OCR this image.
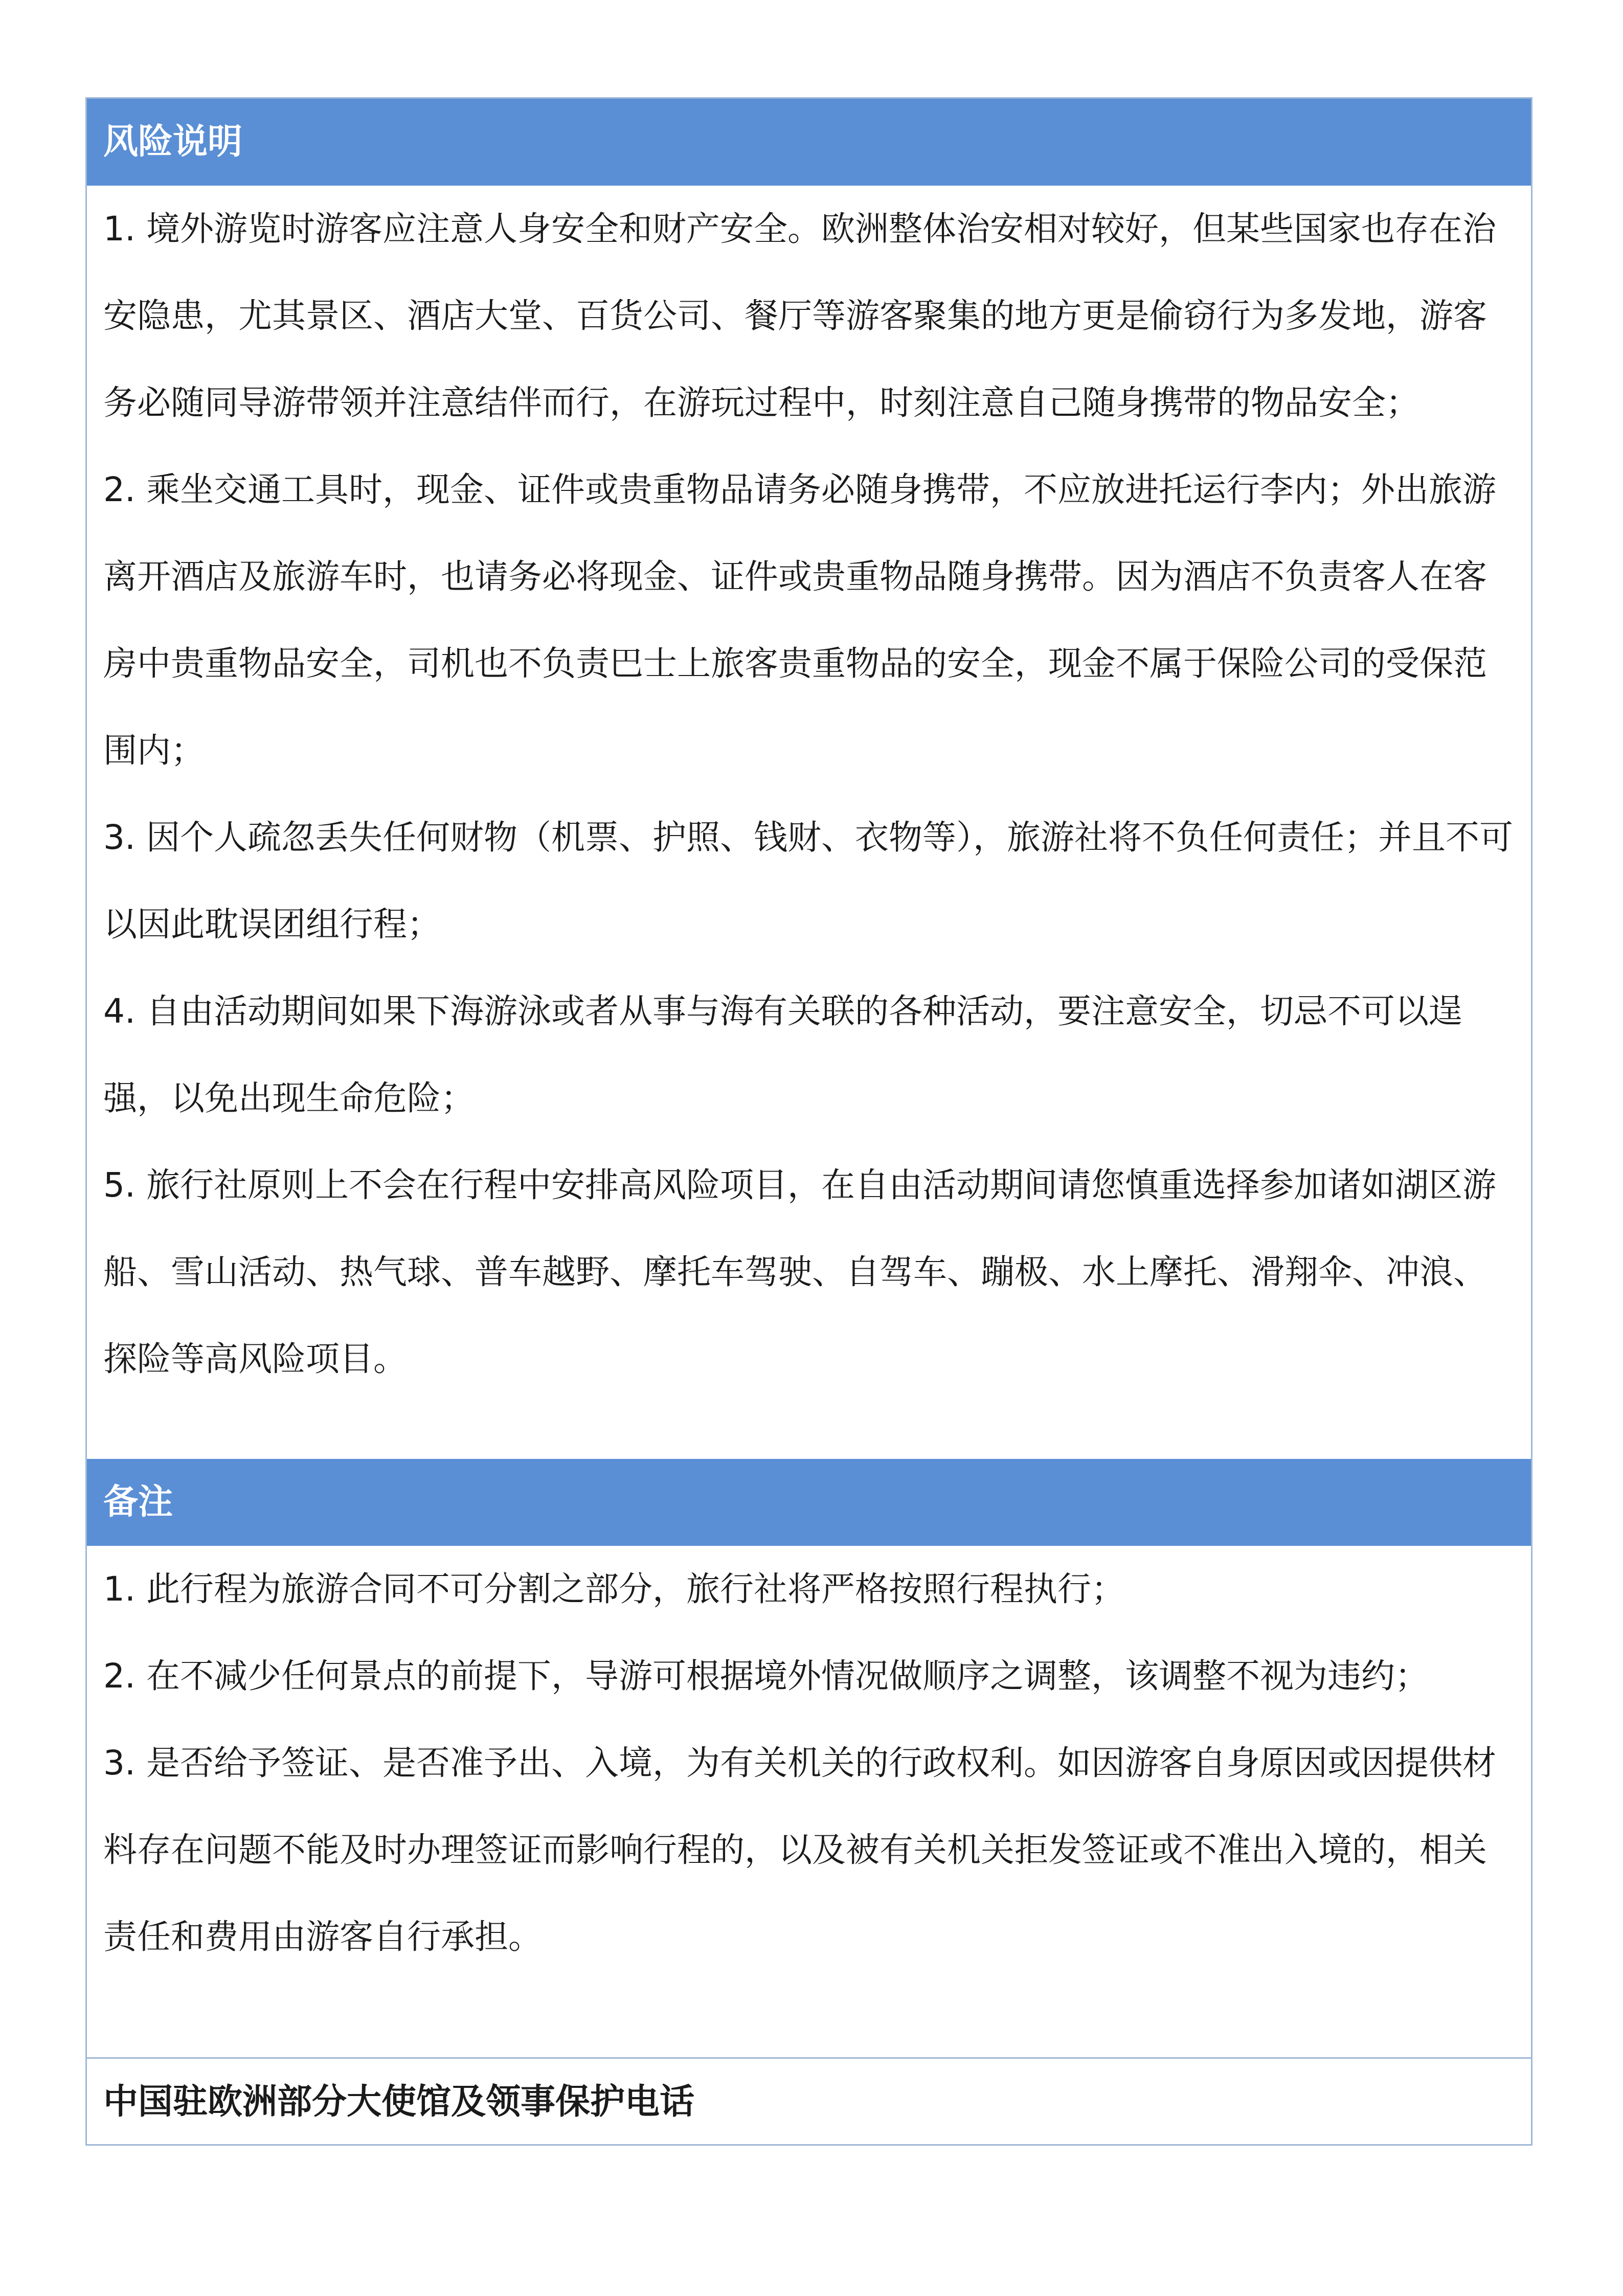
风险说明

1. 境外游览时游客应注意人身安全和财产安全。欧洲整体治安相对较好，但某些国家也存在治安隐患，尤其景区、酒店大堂、百货公司、餐厅等游客聚集的地方更是偷窃行为多发地，游客务必随同导游带领并注意结伴而行，在游玩过程中，时刻注意自己随身携带的物品安全；

2. 乘坐交通工具时，现金、证件或贵重物品请务必随身携带，不应放进托运行李内；外出旅游离开酒店及旅游车时，也请务必将现金、证件或贵重物品随身携带。因为酒店不负责客人在客房中贵重物品安全，司机也不负责巴士上旅客贵重物品的安全，现金不属于保险公司的受保范围内；

3. 因个人疏忽丢失任何财物（机票、护照、钱财、衣物等），旅游社将不负任何责任；并且不可以因此耽误团组行程；

4. 自由活动期间如果下海游泳或者从事与海有关联的各种活动，要注意安全，切忌不可以逞强，以免出现生命危险；

5. 旅行社原则上不会在行程中安排高风险项目，在自由活动期间请您慎重选择参加诸如湖区游船、雪山活动、热气球、普车越野、摩托车驾驶、自驾车、蹦极、水上摩托、滑翔伞、冲浪、探险等高风险项目。

备注

1. 此行程为旅游合同不可分割之部分，旅行社将严格按照行程执行；

2. 在不减少任何景点的前提下，导游可根据境外情况做顺序之调整，该调整不视为违约；

3. 是否给予签证、是否准予出、入境，为有关机关的行政权利。如因游客自身原因或因提供材料存在问题不能及时办理签证而影响行程的，以及被有关机关拒发签证或不准出入境的，相关责任和费用由游客自行承担。

中国驻欧洲部分大使馆及领事保护电话
